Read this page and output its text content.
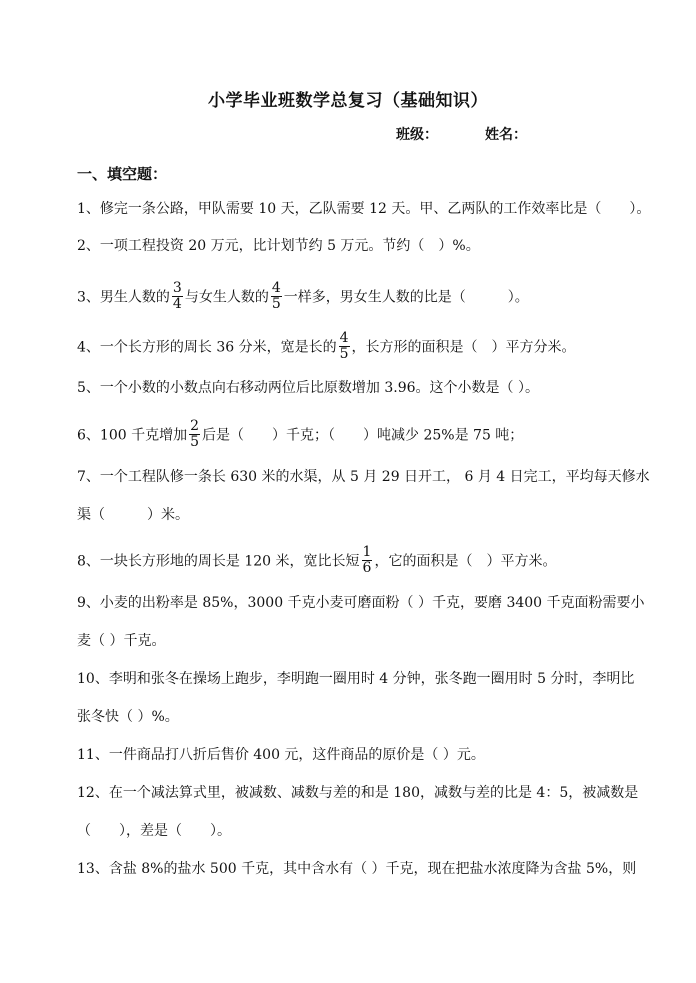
小学毕业班数学总复习（基础知识）
班级：	姓名：
一、填空题：
1、修完一条公路，甲队需要 10 天，乙队需要 12 天。甲、乙两队的工作效率比是（　　）。
2、一项工程投资 20 万元，比计划节约 5 万元。节约（　）%。
3、男生人数的 $\frac{3}{4}$ 与女生人数的 $\frac{4}{5}$ 一样多，男女生人数的比是（　　　）。
4、一个长方形的周长 36 分米，宽是长的 $\frac{4}{5}$ ，长方形的面积是（　）平方分米。
5、一个小数的小数点向右移动两位后比原数增加 3.96。这个小数是（ ）。
6、100 千克增加 $\frac{2}{5}$ 后是（　　）千克；（　　）吨减少 25%是 75 吨；
7、一个工程队修一条长 630 米的水渠，从 5 月 29 日开工， 6 月 4 日完工，平均每天修水
渠（　　　）米。
8、一块长方形地的周长是 120 米，宽比长短 $\frac{1}{6}$ ，它的面积是（　）平方米。
9、小麦的出粉率是 85%，3000 千克小麦可磨面粉（ ）千克，要磨 3400 千克面粉需要小
麦（ ）千克。
10、李明和张冬在操场上跑步，李明跑一圈用时 4 分钟，张冬跑一圈用时 5 分时，李明比
张冬快（ ）%。
11、一件商品打八折后售价 400 元，这件商品的原价是（ ）元。
12、在一个减法算式里，被减数、减数与差的和是 180，减数与差的比是 4：5，被减数是
（　　），差是（　　）。
13、含盐 8%的盐水 500 千克，其中含水有（ ）千克，现在把盐水浓度降为含盐 5%，则
